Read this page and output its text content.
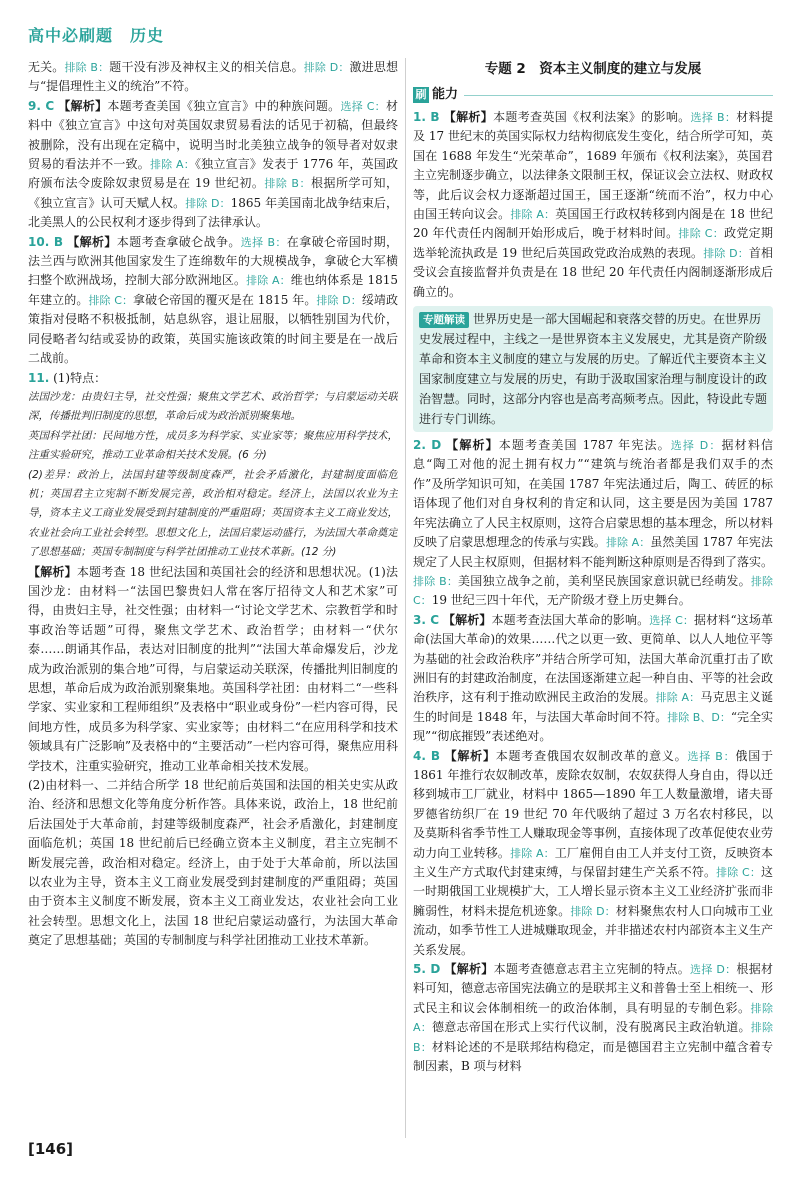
高中必刷题　历史

无关。排除 B：题干没有涉及神权主义的相关信息。排除 D：激进思想与“提倡理性主义的统治”不符。

9. C 【解析】本题考查美国《独立宣言》中的种族问题。选择 C：材料中《独立宣言》中这句对英国奴隶贸易看法的话见于初稿，但最终被删除，没有出现在定稿中，说明当时北美独立战争的领导者对奴隶贸易的看法并不一致。排除 A：《独立宣言》发表于 1776 年，英国政府颁布法令废除奴隶贸易是在 19 世纪初。排除 B：根据所学可知，《独立宣言》认可天赋人权。排除 D：1865 年美国南北战争结束后，北美黑人的公民权利才逐步得到了法律承认。

10. B 【解析】本题考查拿破仑战争。选择 B：在拿破仑帝国时期，法兰西与欧洲其他国家发生了连绵数年的大规模战争，拿破仑大军横扫整个欧洲战场，控制大部分欧洲地区。排除 A：维也纳体系是 1815 年建立的。排除 C：拿破仑帝国的覆灭是在 1815 年。排除 D：绥靖政策指对侵略不积极抵制，姑息纵容，退让屈服，以牺牲别国为代价，同侵略者勾结或妥协的政策，英国实施该政策的时间主要是在一战后二战前。

11. (1)特点：

法国沙龙：由贵妇主导，社交性强；聚焦文学艺术、政治哲学；与启蒙运动关联深，传播批判旧制度的思想，革命后成为政治派别聚集地。

英国科学社团：民间地方性，成员多为科学家、实业家等；聚焦应用科学技术，注重实验研究，推动工业革命相关技术发展。(6 分)

(2)差异：政治上，法国封建等级制度森严，社会矛盾激化，封建制度面临危机；英国君主立宪制不断发展完善，政治相对稳定。经济上，法国以农业为主导，资本主义工商业发展受到封建制度的严重阻碍；英国资本主义工商业发达，农业社会向工业社会转型。思想文化上，法国启蒙运动盛行，为法国大革命奠定了思想基础；英国专制制度与科学社团推动工业技术革新。(12 分)

【解析】本题考查 18 世纪法国和英国社会的经济和思想状况。(1)法国沙龙：由材料一“法国巴黎贵妇人常在客厅招待文人和艺术家”可得，由贵妇主导，社交性强；由材料一“讨论文学艺术、宗教哲学和时事政治等话题”可得，聚焦文学艺术、政治哲学；由材料一“伏尔泰……朗诵其作品，表达对旧制度的批判”“法国大革命爆发后，沙龙成为政治派别的集合地”可得，与启蒙运动关联深，传播批判旧制度的思想，革命后成为政治派别聚集地。英国科学社团：由材料二“一些科学家、实业家和工程师组织”及表格中“职业或身份”一栏内容可得，民间地方性，成员多为科学家、实业家等；由材料二“在应用科学和技术领域具有广泛影响”及表格中的“主要活动”一栏内容可得，聚焦应用科学技术，注重实验研究，推动工业革命相关技术发展。

(2)由材料一、二并结合所学 18 世纪前后英国和法国的相关史实从政治、经济和思想文化等角度分析作答。具体来说，政治上，18 世纪前后法国处于大革命前，封建等级制度森严，社会矛盾激化，封建制度面临危机；英国 18 世纪前后已经确立资本主义制度，君主立宪制不断发展完善，政治相对稳定。经济上，由于处于大革命前，所以法国以农业为主导，资本主义工商业发展受到封建制度的严重阻碍；英国由于资本主义制度不断发展，资本主义工商业发达，农业社会向工业社会转型。思想文化上，法国 18 世纪启蒙运动盛行，为法国大革命奠定了思想基础；英国的专制制度与科学社团推动工业技术革新。

专题 2　资本主义制度的建立与发展
刷 能力

1. B 【解析】本题考查英国《权利法案》的影响。选择 B：材料提及 17 世纪末的英国实际权力结构彻底发生变化，结合所学可知，英国在 1688 年发生“光荣革命”，1689 年颁布《权利法案》，英国君主立宪制逐步确立，以法律条文限制王权，保证议会立法权、财政权等，此后议会权力逐渐超过国王，国王逐渐“统而不治”，权力中心由国王转向议会。排除 A：英国国王行政权转移到内阁是在 18 世纪 20 年代责任内阁制开始形成后，晚于材料时间。排除 C：政党定期选举轮流执政是 19 世纪后英国政党政治成熟的表现。排除 D：首相受议会直接监督并负责是在 18 世纪 20 年代责任内阁制逐渐形成后确立的。

专题解读 世界历史是一部大国崛起和衰落交替的历史。在世界历史发展过程中，主线之一是世界资本主义发展史，尤其是资产阶级革命和资本主义制度的建立与发展的历史。了解近代主要资本主义国家制度建立与发展的历史，有助于汲取国家治理与制度设计的政治智慧。同时，这部分内容也是高考高频考点。因此，特设此专题进行专门训练。

2. D 【解析】本题考查美国 1787 年宪法。选择 D：据材料信息“陶工对他的泥土拥有权力”“建筑与统治者都是我们双手的杰作”及所学知识可知，在美国 1787 年宪法通过后，陶工、砖匠的标语体现了他们对自身权利的肯定和认同，这主要是因为美国 1787 年宪法确立了人民主权原则，这符合启蒙思想的基本理念，所以材料反映了启蒙思想理念的传承与实践。排除 A：虽然美国 1787 年宪法规定了人民主权原则，但据材料不能判断这种原则是否得到了落实。排除 B：美国独立战争之前，美利坚民族国家意识就已经萌发。排除 C：19 世纪三四十年代，无产阶级才登上历史舞台。

3. C 【解析】本题考查法国大革命的影响。选择 C：据材料“这场革命(法国大革命)的效果……代之以更一致、更简单、以人人地位平等为基础的社会政治秩序”并结合所学可知，法国大革命沉重打击了欧洲旧有的封建政治制度，在法国逐渐建立起一种自由、平等的社会政治秩序，这有利于推动欧洲民主政治的发展。排除 A：马克思主义诞生的时间是 1848 年，与法国大革命时间不符。排除 B、D：“完全实现”“彻底摧毁”表述绝对。

4. B 【解析】本题考查俄国农奴制改革的意义。选择 B：俄国于 1861 年推行农奴制改革，废除农奴制，农奴获得人身自由，得以迁移到城市工厂就业，材料中 1865—1890 年工人数量激增，诸夫哥罗德省纺织厂在 19 世纪 70 年代吸纳了超过 3 万名农村移民，以及莫斯科省季节性工人赚取现金等事例，直接体现了改革促使农业劳动力向工业转移。排除 A：工厂雇佣自由工人并支付工资，反映资本主义生产方式取代封建束缚，与保留封建生产关系不符。排除 C：这一时期俄国工业规模扩大，工人增长显示资本主义工业经济扩张而非臃弱性，材料未提危机迹象。排除 D：材料聚焦农村人口向城市工业流动，如季节性工人进城赚取现金，并非描述农村内部资本主义生产关系发展。

5. D 【解析】本题考查德意志君主立宪制的特点。选择 D：根据材料可知，德意志帝国宪法确立的是联邦主义和普鲁士至上相统一、形式民主和议会体制相统一的政治体制，具有明显的专制色彩。排除 A：德意志帝国在形式上实行代议制，没有脱离民主政治轨道。排除 B：材料论述的不是联邦结构稳定，而是德国君主立宪制中蕴含着专制因素，B 项与材料

[146]
